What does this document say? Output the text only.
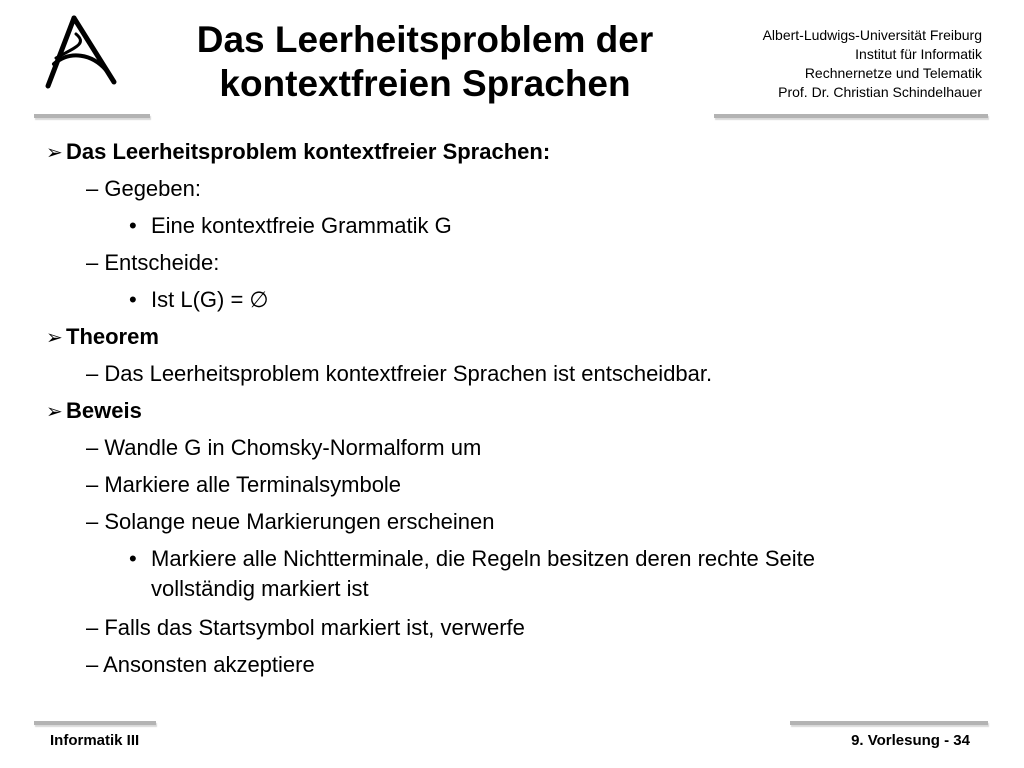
Das Leerheitsproblem der
kontextfreien Sprachen
Albert-Ludwigs-Universität Freiburg
Institut für Informatik
Rechnernetze und Telematik
Prof. Dr. Christian Schindelhauer
➢ Das Leerheitsproblem kontextfreier Sprachen:
– Gegeben:
• Eine kontextfreie Grammatik G
– Entscheide:
• Ist L(G) = ∅
➢ Theorem
– Das Leerheitsproblem kontextfreier Sprachen ist entscheidbar.
➢ Beweis
– Wandle G in Chomsky-Normalform um
– Markiere alle Terminalsymbole
– Solange neue Markierungen erscheinen
• Markiere alle Nichtterminale, die Regeln besitzen deren rechte Seite
vollständig markiert ist
– Falls das Startsymbol markiert ist, verwerfe
– Ansonsten akzeptiere
Informatik III	9. Vorlesung - 34
